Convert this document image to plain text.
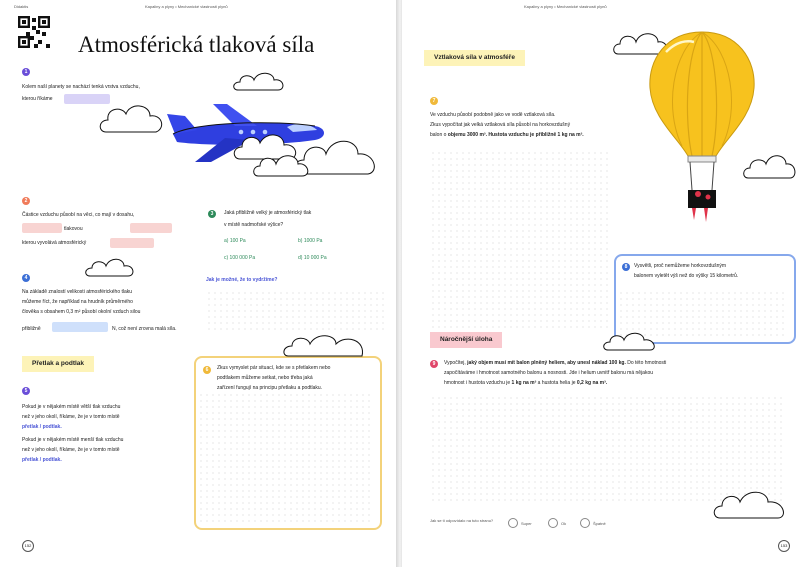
Didaktis	Kapaliny a plyny • Mechanické vlastnosti plynů
Atmosférická tlaková síla
1
Kolem naší planety se nachází tenká vrstva vzduchu,
kterou říkáme
2
Částice vzduchu působí na věci, co mají v dosahu,
tlakovou
kterou vyvolává atmosférický
3	Jaká přibližně velký je atmosférický tlak
v místě nadmořské výšce?
a) 100 Pa	b) 1000 Pa
c) 100 000 Pa	d) 10 000 Pa
Jak je možné, že to vydržíme?
4
Na základě znalostí velikosti atmosférického tlaku
můžeme říct, že například na hrudník průměrného
člověka s obsahem 0,3 m² působí okolní vzduch silou
přibližně	N, což není zrovna malá síla.
Přetlak a podtlak
5
Pokud je v nějakém místě větší tlak vzduchu
než v jeho okolí, říkáme, že je v tomto místě
přetlak / podtlak.
Pokud je v nějakém místě menší tlak vzduchu
než v jeho okolí, říkáme, že je v tomto místě
přetlak / podtlak.
6	Zkus vymyslet pár situací, kde se s přetlakem nebo
podtlakem můžeme setkat, nebo třeba jaká
zařízení fungují na principu přetlaku a podtlaku.
152
Kapaliny a plyny • Mechanické vlastnosti plynů
Vztlaková síla v atmosféře
7
Ve vzduchu působí podobně jako ve vodě vztlaková síla.
Zkus vypočítat jak velká vztlaková síla působí na horkovzdušný
balon o objemu 3000 m³. Hustota vzduchu je přibližně 1 kg na m³.
8	Vysvětli, proč nemůžeme horkovzdušným
balonem vyletět výš než do výšky 15 kilometrů.
Náročnější úloha
9	Vypočítej, jaký objem musí mít balon plněný heliem, aby unesl náklad 100 kg. Do této hmotnosti
započítáváme i hmotnost samotného balonu a nosnosti. Jde i helium uvnitř balonu má nějakou
hmotnost i hustota vzduchu je 1 kg na m³ a hustota helia je 0,2 kg na m³.
Jak se ti odpovídalo na tuto stranu?	Super	Ok	Špatně
153
